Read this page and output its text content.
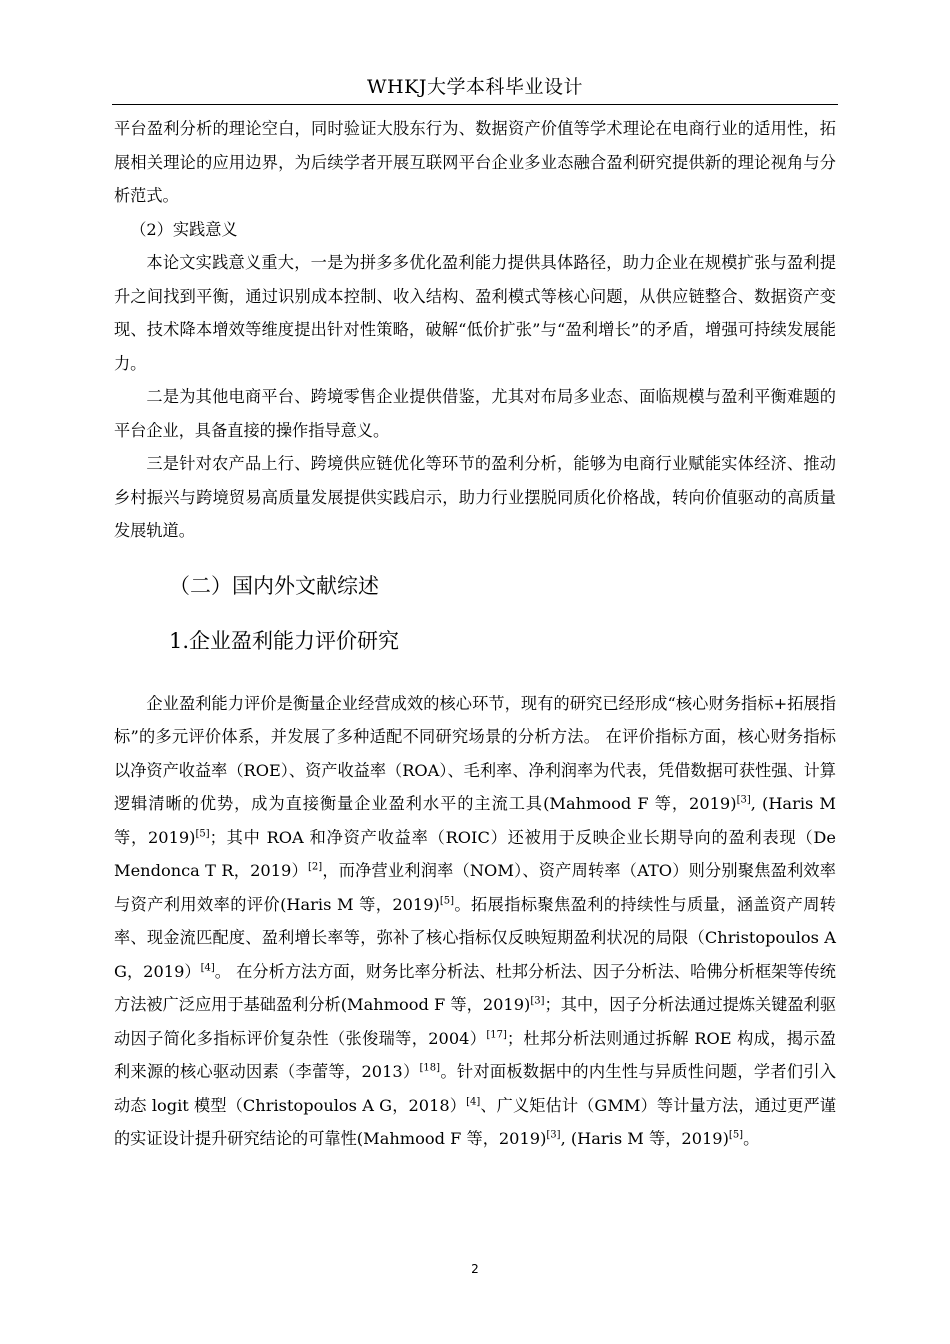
WHKJ大学本科毕业设计

平台盈利分析的理论空白，同时验证大股东行为、数据资产价值等学术理论在电商行业的适用性，拓展相关理论的应用边界，为后续学者开展互联网平台企业多业态融合盈利研究提供新的理论视角与分析范式。

（2）实践意义

本论文实践意义重大，一是为拼多多优化盈利能力提供具体路径，助力企业在规模扩张与盈利提升之间找到平衡，通过识别成本控制、收入结构、盈利模式等核心问题，从供应链整合、数据资产变现、技术降本增效等维度提出针对性策略，破解“低价扩张”与“盈利增长”的矛盾，增强可持续发展能力。

二是为其他电商平台、跨境零售企业提供借鉴，尤其对布局多业态、面临规模与盈利平衡难题的平台企业，具备直接的操作指导意义。

三是针对农产品上行、跨境供应链优化等环节的盈利分析，能够为电商行业赋能实体经济、推动乡村振兴与跨境贸易高质量发展提供实践启示，助力行业摆脱同质化价格战，转向价值驱动的高质量发展轨道。

（二）国内外文献综述
1.企业盈利能力评价研究

企业盈利能力评价是衡量企业经营成效的核心环节，现有的研究已经形成“核心财务指标+拓展指标”的多元评价体系，并发展了多种适配不同研究场景的分析方法。 在评价指标方面，核心财务指标以净资产收益率（ROE）、资产收益率（ROA）、毛利率、净利润率为代表，凭借数据可获性强、计算逻辑清晰的优势，成为直接衡量企业盈利水平的主流工具(Mahmood F 等，2019)[3], (Haris M 等，2019)[5]；其中 ROA 和净资产收益率（ROIC）还被用于反映企业长期导向的盈利表现（De Mendonca T R，2019）[2]，而净营业利润率（NOM）、资产周转率（ATO）则分别聚焦盈利效率与资产利用效率的评价(Haris M 等，2019)[5]。拓展指标聚焦盈利的持续性与质量，涵盖资产周转率、现金流匹配度、盈利增长率等，弥补了核心指标仅反映短期盈利状况的局限（Christopoulos A G，2019）[4]。 在分析方法方面，财务比率分析法、杜邦分析法、因子分析法、哈佛分析框架等传统方法被广泛应用于基础盈利分析(Mahmood F 等，2019)[3]；其中，因子分析法通过提炼关键盈利驱动因子简化多指标评价复杂性（张俊瑞等，2004）[17]；杜邦分析法则通过拆解 ROE 构成，揭示盈利来源的核心驱动因素（李蕾等，2013）[18]。针对面板数据中的内生性与异质性问题，学者们引入动态 logit 模型（Christopoulos A G，2018）[4]、广义矩估计（GMM）等计量方法，通过更严谨的实证设计提升研究结论的可靠性(Mahmood F 等，2019)[3], (Haris M 等，2019)[5]。

2
